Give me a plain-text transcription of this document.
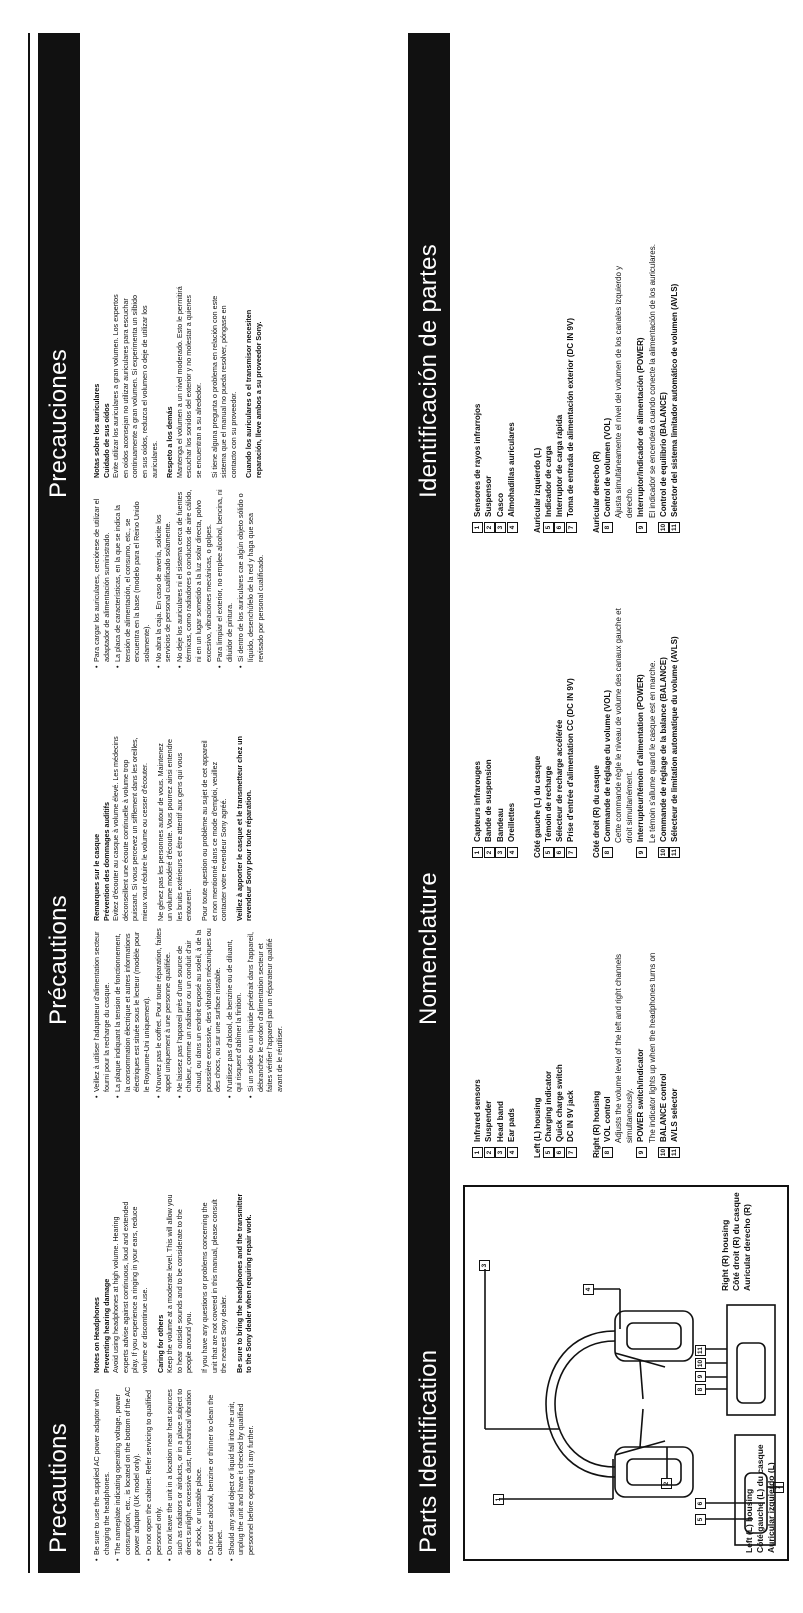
Precautions
Précautions
Precauciones
• Be sure to use the supplied AC power adaptor when charging the headphones. • The nameplate indicating operating voltage, power consumption, etc., is located on the bottom of the AC power adaptor (UK model only). • Do not open the cabinet. Refer servicing to qualified personnel only. • Do not leave the unit in a location near heat sources such as radiators or airducts, or in a place subject to direct sunlight, excessive dust, mechanical vibration or shock, or unstable place. • Do not use alcohol, benzine or thinner to clean the cabinet. • Should any solid object or liquid fall into the unit, unplug the unit and have it checked by qualified personnel before operating it any further.

Notes on Headphones Preventing hearing damage Avoid using headphones at high volume. Hearing experts advise against continuous, loud and extended play. If you experience a ringing in your ears, reduce volume or discontinue use. Caring for others Keep the volume at a moderate level. This will allow you to hear outside sounds and to be considerate to the people around you. If you have any questions or problems concerning the unit that are not covered in this manual, please consult the nearest Sony dealer. Be sure to bring the headphones and the transmitter to the Sony dealer when requiring repair work.

• Veillez à utiliser l'adaptateur d'alimentation secteur fourni pour la recharge du casque. • La plaque indiquant la tension de fonctionnement, la consommation électrique et autres informations électriques est située sous le lecteur (modèle pour le Royaume-Uni uniquement). • N'ouvrez pas le coffret. Pour toute réparation, faites appel uniquement à une personne qualifiée. • Ne laissez pas l'appareil près d'une source de chaleur, comme un radiateur ou un conduit d'air chaud, ou dans un endroit exposé au soleil, à de la poussière excessive, des vibrations mécaniques ou des chocs, ou sur une surface instable. • N'utilisez pas d'alcool, de benzine ou de diluant, qui risquent d'abîmer la finition. • Si un solide ou un liquide pénétrait dans l'appareil, débranchez le cordon d'alimentation secteur et faites vérifier l'appareil par un réparateur qualifié avant de le réutiliser.

Remarques sur le casque Prévention des dommages auditifs Evitez d'écouter au casque à volume élevé. Les médecins déconseillent une écoute continuelle à volume trop puissant. Si vous percevez un sifflement dans les oreilles, mieux vaut réduire le volume ou cesser d'écouter. Ne gênez pas les personnes autour de vous. Maintenez un volume modéré d'écoute. Vous pourrez ainsi entendre les bruits extérieurs et être attentif aux gens qui vous entourent. Pour toute question ou problème au sujet de cet appareil et non mentionné dans ce mode d'emploi, veuillez contacter votre revendeur Sony agréé. Veillez à apporter le casque et le transmetteur chez un revendeur Sony pour toute réparation.

• Para cargar los auriculares, cerciórese de utilizar el adaptador de alimentación suministrado. • La placa de características, en la que se indica la tensión de alimentación, el consumo, etc., se encuentra en la base (modelo para el Reino Unido solamente). • No abra la caja. En caso de avería, solicite los servicios de personal cualificado solamente. • No deje los auriculares ni el sistema cerca de fuentes térmicas, como radiadores o conductos de aire cálido, ni en un lugar sometido a la luz solar directa, polvo excesivo, vibraciones mecánicas, o golpes. • Para limpiar el exterior, no emplee alcohol, bencina, ni diluidor de pintura. • Si dentro de los auriculares cae algún objeto sólido o líquido, desenchúfelo de la red y haga que sea revisado por personal cualificado.

Notas sobre los auriculares Cuidado de sus oídos Evite utilizar los auriculares a gran volumen. Los expertos en oídos aconsejan no utilizar auriculares para escuchar continuamente a gran volumen. Si experimenta un silbido en sus oídos, reduzca el volumen o deje de utilizar los auriculares. Respeto a los demás Mantenga el volumen a un nivel moderado. Esto le permitirá escuchar los sonidos del exterior y no molestar a quienes se encuentran a su alrededor. Si tiene alguna pregunta o problema en relación con este sistema que el manual no pueda resolver, póngase en contacto con su proveedor. Cuando los auriculares o el transmisor necesiten reparación, lleve ambos a su proveedor Sony.

Parts Identification
Nomenclature
Identificación de partes
3
1
2
4
5
6
7
8
9
10
11
Right (R) housing Côté droit (R) du casque Auricular derecho (R)
Left (L) housing Côté gauche (L) du casque Auricular izquierdo (L)
1Infrared sensors
2Suspender
3Head band
4Ear pads Left (L) housing 5Charging indicator
6Quick charge switch
7DC IN 9V jack Right (R) housing 8VOL control Adjusts the volume level of the left and right channels simultaneously.
9POWER switch/indicator The indicator lights up when the headphones turns on
10BALANCE control
11AVLS selector
1Capteurs infrarouges
2Bande de suspension
3Bandeau
4Oreillettes Côté gauche (L) du casque 5Témoin de recharge
6Sélecteur de recharge accélérée
7Prise d'entrée d'alimentation CC (DC IN 9V) Côté droit (R) du casque 8Commande de réglage du volume (VOL) Cette commande règle le niveau de volume des canaux gauche et droit simultanément.
9Interrupteur/témoin d'alimentation (POWER) Le témoin s'allume quand le casque est en marche.
10Commande de réglage de la balance (BALANCE)
11Sélecteur de limitation automatique du volume (AVLS)
1Sensores de rayos infrarrojos
2Suspensor
3Casco
4Almohadillas auriculares Auricular izquierdo (L) 5Indicador de carga
6Interruptor de carga rápida
7Toma de entrada de alimentación exterior (DC IN 9V) Auricular derecho (R) 8Control de volumen (VOL) Ajusta simultáneamente el nivel del volumen de los canales izquierdo y derecho.
9Interruptor/indicador de alimentación (POWER) El indicador se encenderá cuando conecte la alimentación de los auriculares.
10Control de equilibrio (BALANCE)
11Selector del sistema limitador automático de volumen (AVLS)
